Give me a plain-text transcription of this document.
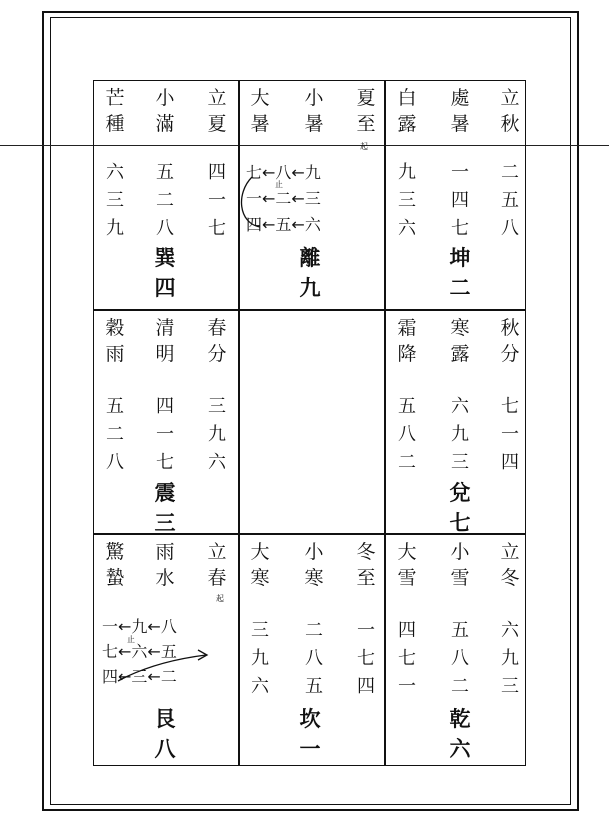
芒
種
小
滿
立
夏
六
三
九
五
二
八
四
一
七
巽
四
大
暑
小
暑
夏
至
起
止
七←八←九
一←二←三
四←五←六
離
九
白
露
處
暑
立
秋
九
三
六
一
四
七
二
五
八
坤
二
穀
雨
清
明
春
分
五
二
八
四
一
七
三
九
六
震
三
霜
降
寒
露
秋
分
五
八
二
六
九
三
七
一
四
兌
七
驚
蟄
雨
水
立
春
起
止
一←九←八
七←六←五
四←三←二
艮
八
大
寒
小
寒
冬
至
三
九
六
二
八
五
一
七
四
坎
一
大
雪
小
雪
立
冬
四
七
一
五
八
二
六
九
三
乾
六
